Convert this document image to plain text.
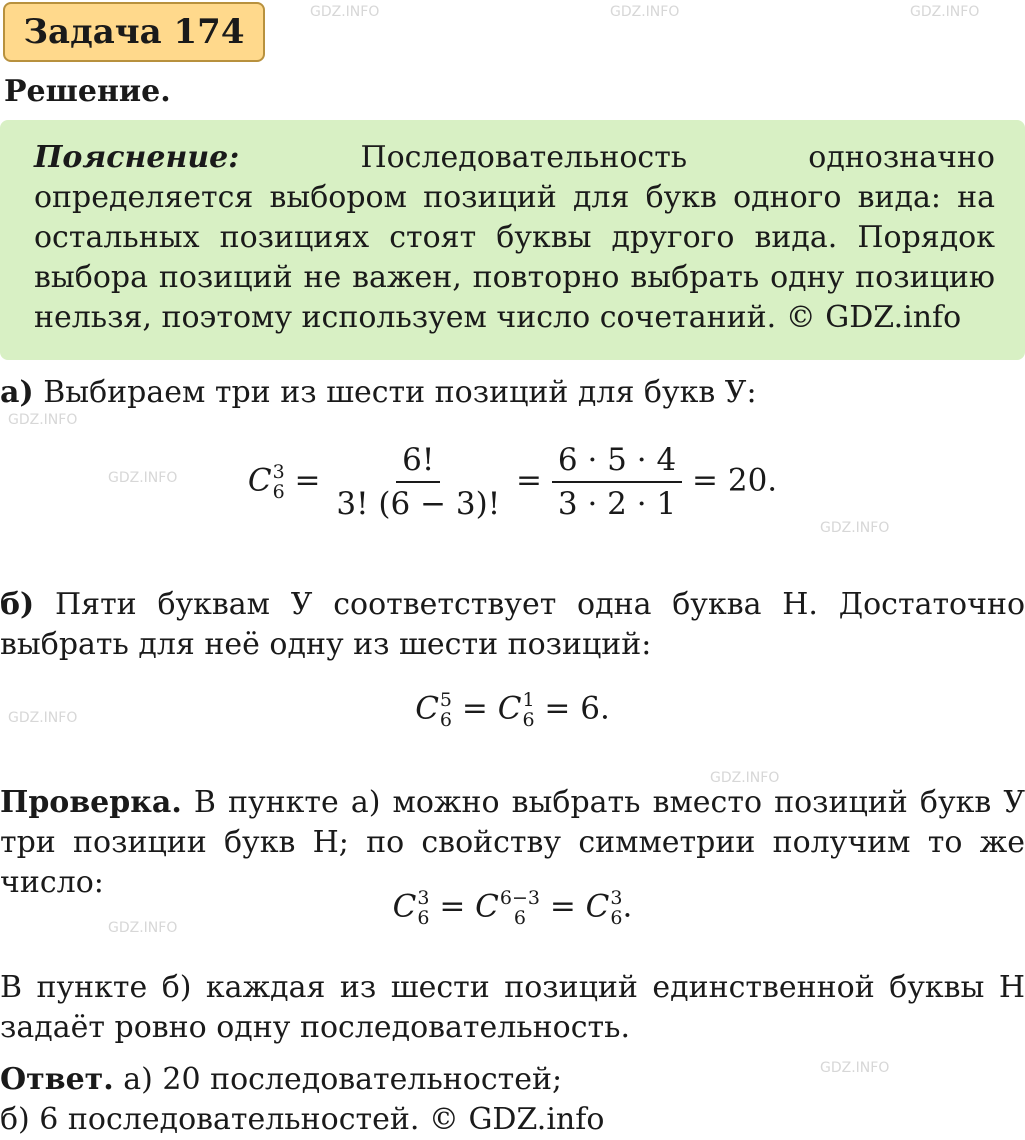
GDZ.INFO	GDZ.INFO	GDZ.INFO
GDZ.INFO
GDZ.INFO
GDZ.INFO
GDZ.INFO
GDZ.INFO
GDZ.INFO
GDZ.INFO
Задача 174
Решение.
Пояснение:	Последовательность однозначно определяется выбором позиций для букв одного вида: на остальных позициях стоят буквы другого вида. Порядок выбора позиций не важен, повторно выбрать одну позицию нельзя, поэтому используем число сочетаний. © GDZ.info
а) Выбираем три из шести позиций для букв У:
C 3
$6 = \frac{6!}{3! (6 - 3)!} = \frac{6 \cdot 5 \cdot 4}{3 \cdot 2 \cdot 1} = 20$.
б) Пяти буквам У соответствует одна буква Н. Достаточно выбрать для неё одну из шести позиций:
C 5
6 = C 1
6 = 6.
Проверка. В пункте а) можно выбрать вместо позиций букв У три позиции букв Н; по свойству симметрии получим то же число:
C 3
6 = C 6−3
6 = C 3
6 .
В пункте б) каждая из шести позиций единственной буквы Н задаёт ровно одну последовательность.
Ответ. а) 20 последовательностей;
б) 6 последовательностей. © GDZ.info
